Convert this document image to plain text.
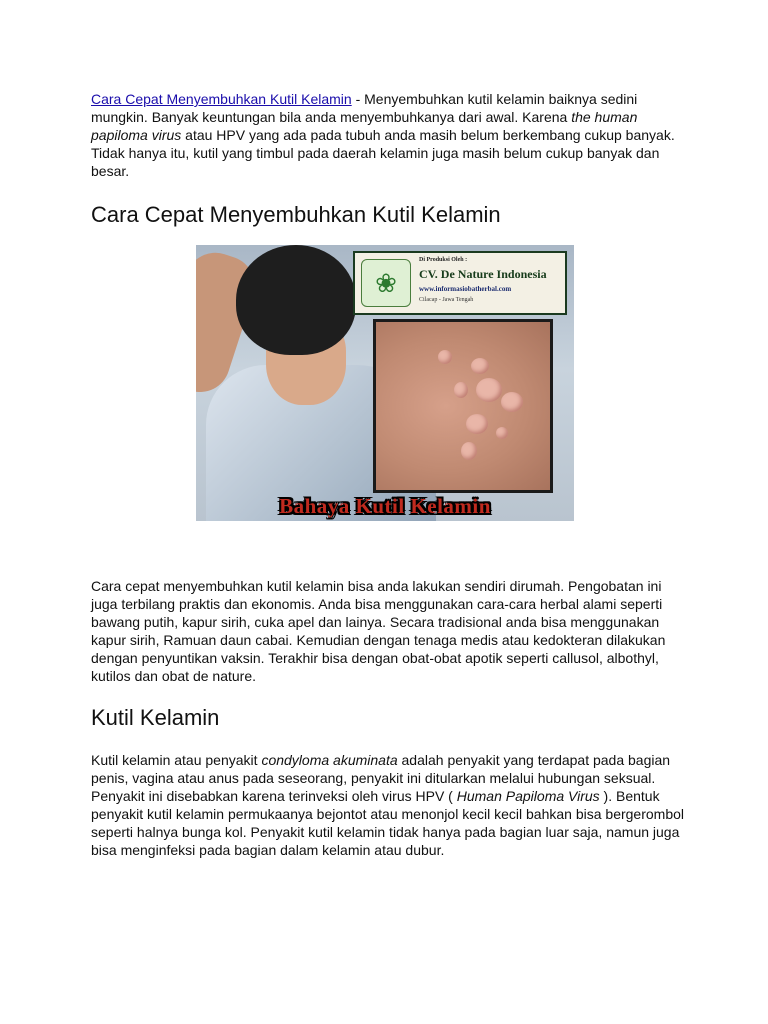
Cara Cepat Menyembuhkan Kutil Kelamin - Menyembuhkan kutil kelamin baiknya sedini mungkin. Banyak keuntungan bila anda menyembuhkanya dari awal. Karena the human papiloma virus atau HPV yang ada pada tubuh anda masih belum berkembang cukup banyak. Tidak hanya itu, kutil yang timbul pada daerah kelamin juga masih belum cukup banyak dan besar.

Cara Cepat Menyembuhkan Kutil Kelamin
❀
Di Produksi Oleh :
CV. De Nature Indonesia
www.informasiobatherbal.com
Cilacap - Jawa Tengah
Bahaya Kutil Kelamin

Cara cepat menyembuhkan kutil kelamin bisa anda lakukan sendiri dirumah. Pengobatan ini juga terbilang praktis dan ekonomis. Anda bisa menggunakan cara-cara herbal alami seperti bawang putih, kapur sirih, cuka apel dan lainya. Secara tradisional anda bisa menggunakan kapur sirih, Ramuan daun cabai. Kemudian dengan tenaga medis atau kedokteran dilakukan dengan penyuntikan vaksin. Terakhir bisa dengan obat-obat apotik seperti callusol, albothyl, kutilos dan obat de nature.

Kutil Kelamin

Kutil kelamin atau penyakit condyloma akuminata adalah penyakit yang terdapat pada bagian penis, vagina atau anus pada seseorang, penyakit ini ditularkan melalui hubungan seksual. Penyakit ini disebabkan karena terinveksi oleh virus HPV ( Human Papiloma Virus ). Bentuk penyakit kutil kelamin permukaanya bejontot atau menonjol kecil kecil bahkan bisa bergerombol seperti halnya bunga kol. Penyakit kutil kelamin tidak hanya pada bagian luar saja, namun juga bisa menginfeksi pada bagian dalam kelamin atau dubur.
